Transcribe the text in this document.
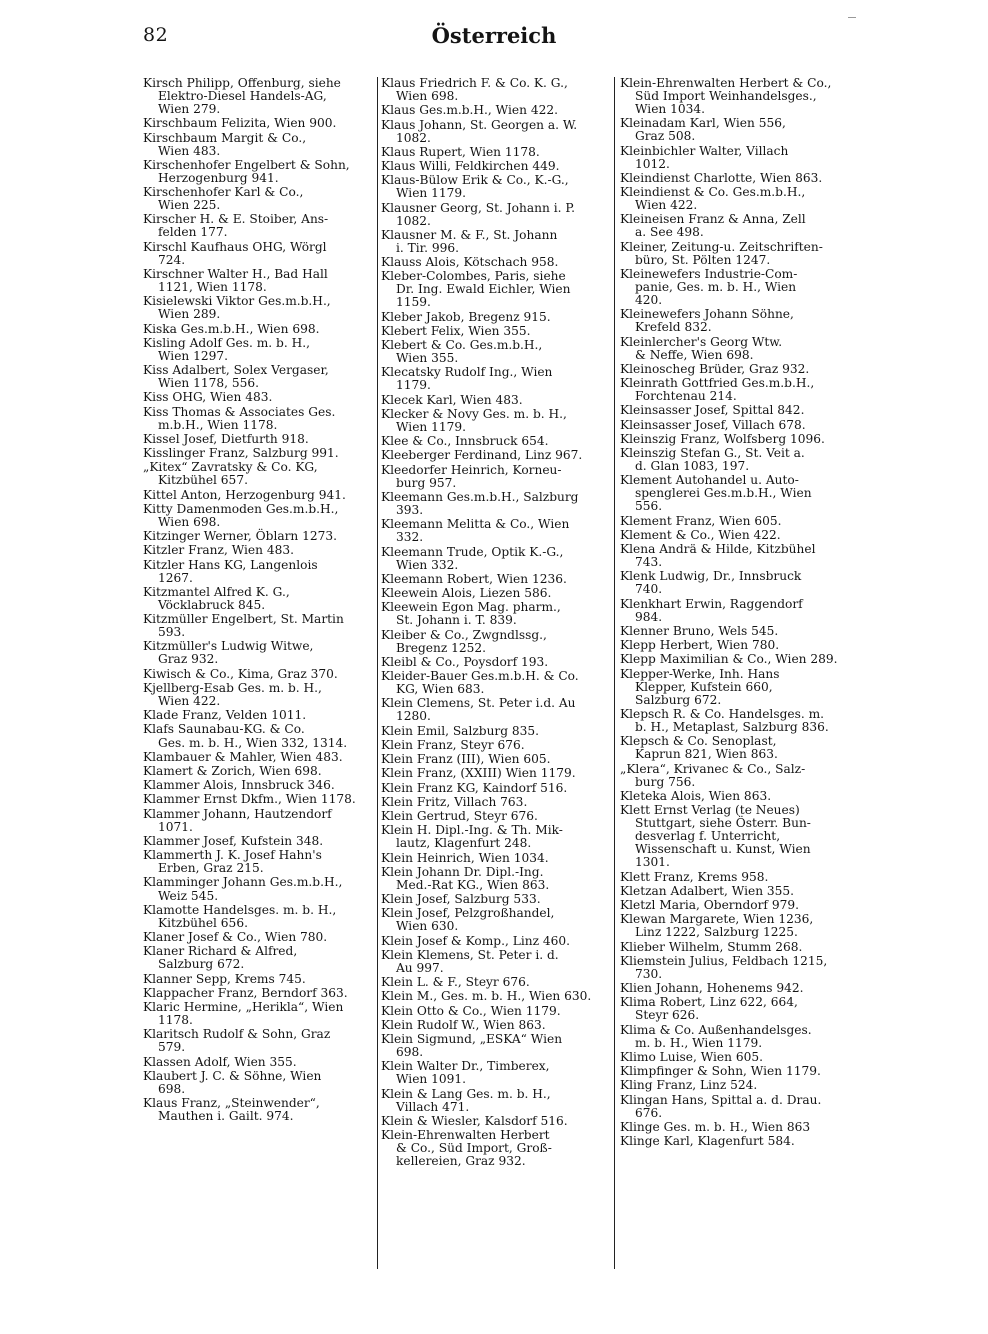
82	Österreich

Kirsch Philipp, Offenburg, siehe
Elektro-Diesel Handels-AG,
Wien 279.

Kirschbaum Felizita, Wien 900.

Kirschbaum Margit & Co.,
Wien 483.

Kirschenhofer Engelbert & Sohn,
Herzogenburg 941.

Kirschenhofer Karl & Co.,
Wien 225.

Kirscher H. & E. Stoiber, Ans-
felden 177.

Kirschl Kaufhaus OHG, Wörgl
724.

Kirschner Walter H., Bad Hall
1121, Wien 1178.

Kisielewski Viktor Ges.m.b.H.,
Wien 289.

Kiska Ges.m.b.H., Wien 698.

Kisling Adolf Ges. m. b. H.,
Wien 1297.

Kiss Adalbert, Solex Vergaser,
Wien 1178, 556.

Kiss OHG, Wien 483.

Kiss Thomas & Associates Ges.
m.b.H., Wien 1178.

Kissel Josef, Dietfurth 918.

Kisslinger Franz, Salzburg 991.

„Kitex“ Zavratsky & Co. KG,
Kitzbühel 657.

Kittel Anton, Herzogenburg 941.

Kitty Damenmoden Ges.m.b.H.,
Wien 698.

Kitzinger Werner, Öblarn 1273.

Kitzler Franz, Wien 483.

Kitzler Hans KG, Langenlois
1267.

Kitzmantel Alfred K. G.,
Vöcklabruck 845.

Kitzmüller Engelbert, St. Martin
593.

Kitzmüller's Ludwig Witwe,
Graz 932.

Kiwisch & Co., Kima, Graz 370.

Kjellberg-Esab Ges. m. b. H.,
Wien 422.

Klade Franz, Velden 1011.

Klafs Saunabau-KG. & Co.
Ges. m. b. H., Wien 332, 1314.

Klambauer & Mahler, Wien 483.

Klamert & Zorich, Wien 698.

Klammer Alois, Innsbruck 346.

Klammer Ernst Dkfm., Wien 1178.

Klammer Johann, Hautzendorf
1071.

Klammer Josef, Kufstein 348.

Klammerth J. K. Josef Hahn's
Erben, Graz 215.

Klamminger Johann Ges.m.b.H.,
Weiz 545.

Klamotte Handelsges. m. b. H.,
Kitzbühel 656.

Klaner Josef & Co., Wien 780.

Klaner Richard & Alfred,
Salzburg 672.

Klanner Sepp, Krems 745.

Klappacher Franz, Berndorf 363.

Klaric Hermine, „Herikla“, Wien
1178.

Klaritsch Rudolf & Sohn, Graz
579.

Klassen Adolf, Wien 355.

Klaubert J. C. & Söhne, Wien
698.

Klaus Franz, „Steinwender“,
Mauthen i. Gailt. 974.

Klaus Friedrich F. & Co. K. G.,
Wien 698.

Klaus Ges.m.b.H., Wien 422.

Klaus Johann, St. Georgen a. W.
1082.

Klaus Rupert, Wien 1178.

Klaus Willi, Feldkirchen 449.

Klaus-Bülow Erik & Co., K.-G.,
Wien 1179.

Klausner Georg, St. Johann i. P.
1082.

Klausner M. & F., St. Johann
i. Tir. 996.

Klauss Alois, Kötschach 958.

Kleber-Colombes, Paris, siehe
Dr. Ing. Ewald Eichler, Wien
1159.

Kleber Jakob, Bregenz 915.

Klebert Felix, Wien 355.

Klebert & Co. Ges.m.b.H.,
Wien 355.

Klecatsky Rudolf Ing., Wien
1179.

Klecek Karl, Wien 483.

Klecker & Novy Ges. m. b. H.,
Wien 1179.

Klee & Co., Innsbruck 654.

Kleeberger Ferdinand, Linz 967.

Kleedorfer Heinrich, Korneu-
burg 957.

Kleemann Ges.m.b.H., Salzburg
393.

Kleemann Melitta & Co., Wien
332.

Kleemann Trude, Optik K.-G.,
Wien 332.

Kleemann Robert, Wien 1236.

Kleewein Alois, Liezen 586.

Kleewein Egon Mag. pharm.,
St. Johann i. T. 839.

Kleiber & Co., Zwgndlssg.,
Bregenz 1252.

Kleibl & Co., Poysdorf 193.

Kleider-Bauer Ges.m.b.H. & Co.
KG, Wien 683.

Klein Clemens, St. Peter i.d. Au
1280.

Klein Emil, Salzburg 835.

Klein Franz, Steyr 676.

Klein Franz (III), Wien 605.

Klein Franz, (XXIII) Wien 1179.

Klein Franz KG, Kaindorf 516.

Klein Fritz, Villach 763.

Klein Gertrud, Steyr 676.

Klein H. Dipl.-Ing. & Th. Mik-
lautz, Klagenfurt 248.

Klein Heinrich, Wien 1034.

Klein Johann Dr. Dipl.-Ing.
Med.-Rat KG., Wien 863.

Klein Josef, Salzburg 533.

Klein Josef, Pelzgroßhandel,
Wien 630.

Klein Josef & Komp., Linz 460.

Klein Klemens, St. Peter i. d.
Au 997.

Klein L. & F., Steyr 676.

Klein M., Ges. m. b. H., Wien 630.

Klein Otto & Co., Wien 1179.

Klein Rudolf W., Wien 863.

Klein Sigmund, „ESKA“ Wien
698.

Klein Walter Dr., Timberex,
Wien 1091.

Klein & Lang Ges. m. b. H.,
Villach 471.

Klein & Wiesler, Kalsdorf 516.

Klein-Ehrenwalten Herbert
& Co., Süd Import, Groß-
kellereien, Graz 932.

Klein-Ehrenwalten Herbert & Co.,
Süd Import Weinhandelsges.,
Wien 1034.

Kleinadam Karl, Wien 556,
Graz 508.

Kleinbichler Walter, Villach
1012.

Kleindienst Charlotte, Wien 863.

Kleindienst & Co. Ges.m.b.H.,
Wien 422.

Kleineisen Franz & Anna, Zell
a. See 498.

Kleiner, Zeitung-u. Zeitschriften-
büro, St. Pölten 1247.

Kleinewefers Industrie-Com-
panie, Ges. m. b. H., Wien
420.

Kleinewefers Johann Söhne,
Krefeld 832.

Kleinlercher's Georg Wtw.
& Neffe, Wien 698.

Kleinoscheg Brüder, Graz 932.

Kleinrath Gottfried Ges.m.b.H.,
Forchtenau 214.

Kleinsasser Josef, Spittal 842.

Kleinsasser Josef, Villach 678.

Kleinszig Franz, Wolfsberg 1096.

Kleinszig Stefan G., St. Veit a.
d. Glan 1083, 197.

Klement Autohandel u. Auto-
spenglerei Ges.m.b.H., Wien
556.

Klement Franz, Wien 605.

Klement & Co., Wien 422.

Klena Andrä & Hilde, Kitzbühel
743.

Klenk Ludwig, Dr., Innsbruck
740.

Klenkhart Erwin, Raggendorf
984.

Klenner Bruno, Wels 545.

Klepp Herbert, Wien 780.

Klepp Maximilian & Co., Wien 289.

Klepper-Werke, Inh. Hans
Klepper, Kufstein 660,
Salzburg 672.

Klepsch R. & Co. Handelsges. m.
b. H., Metaplast, Salzburg 836.

Klepsch & Co. Senoplast,
Kaprun 821, Wien 863.

„Klera“, Krivanec & Co., Salz-
burg 756.

Kleteka Alois, Wien 863.

Klett Ernst Verlag (te Neues)
Stuttgart, siehe Österr. Bun-
desverlag f. Unterricht,
Wissenschaft u. Kunst, Wien
1301.

Klett Franz, Krems 958.

Kletzan Adalbert, Wien 355.

Kletzl Maria, Oberndorf 979.

Klewan Margarete, Wien 1236,
Linz 1222, Salzburg 1225.

Klieber Wilhelm, Stumm 268.

Kliemstein Julius, Feldbach 1215,
730.

Klien Johann, Hohenems 942.

Klima Robert, Linz 622, 664,
Steyr 626.

Klima & Co. Außenhandelsges.
m. b. H., Wien 1179.

Klimo Luise, Wien 605.

Klimpfinger & Sohn, Wien 1179.

Kling Franz, Linz 524.

Klingan Hans, Spittal a. d. Drau.
676.

Klinge Ges. m. b. H., Wien 863

Klinge Karl, Klagenfurt 584.
